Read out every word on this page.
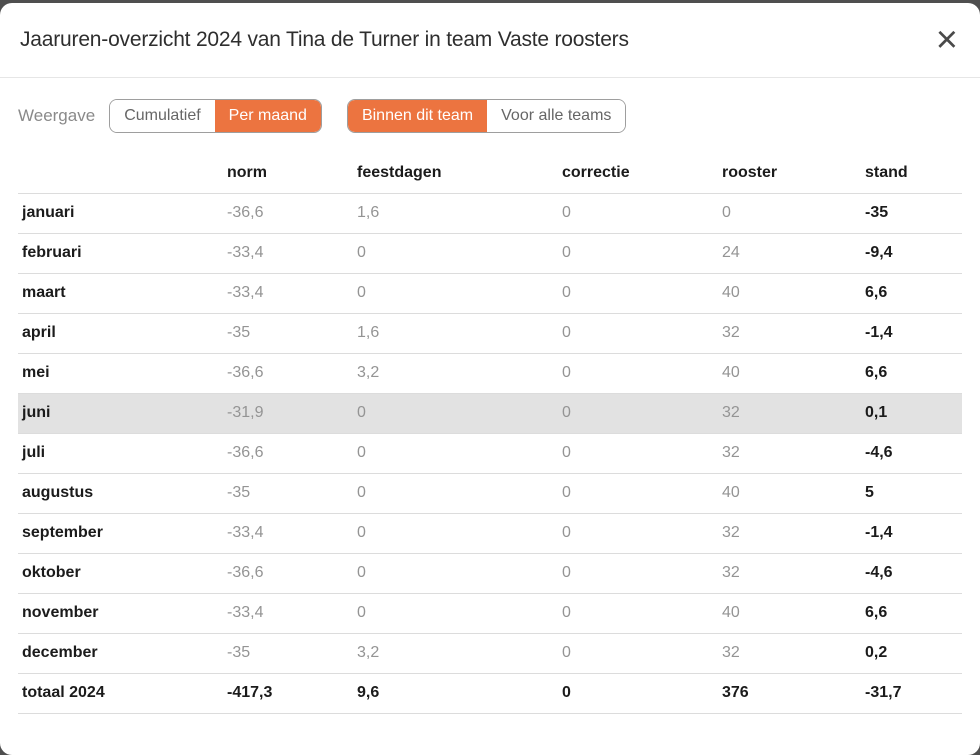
Jaaruren-overzicht 2024 van Tina de Turner in team Vaste roosters	×
Weergave	Cumulatief	Per maand	Binnen dit team	Voor alle teams
	norm	feestdagen	correctie	rooster	stand
januari	-36,6	1,6	0	0	-35
februari	-33,4	0	0	24	-9,4
maart	-33,4	0	0	40	6,6
april	-35	1,6	0	32	-1,4
mei	-36,6	3,2	0	40	6,6
juni	-31,9	0	0	32	0,1
juli	-36,6	0	0	32	-4,6
augustus	-35	0	0	40	5
september	-33,4	0	0	32	-1,4
oktober	-36,6	0	0	32	-4,6
november	-33,4	0	0	40	6,6
december	-35	3,2	0	32	0,2
totaal 2024	-417,3	9,6	0	376	-31,7
